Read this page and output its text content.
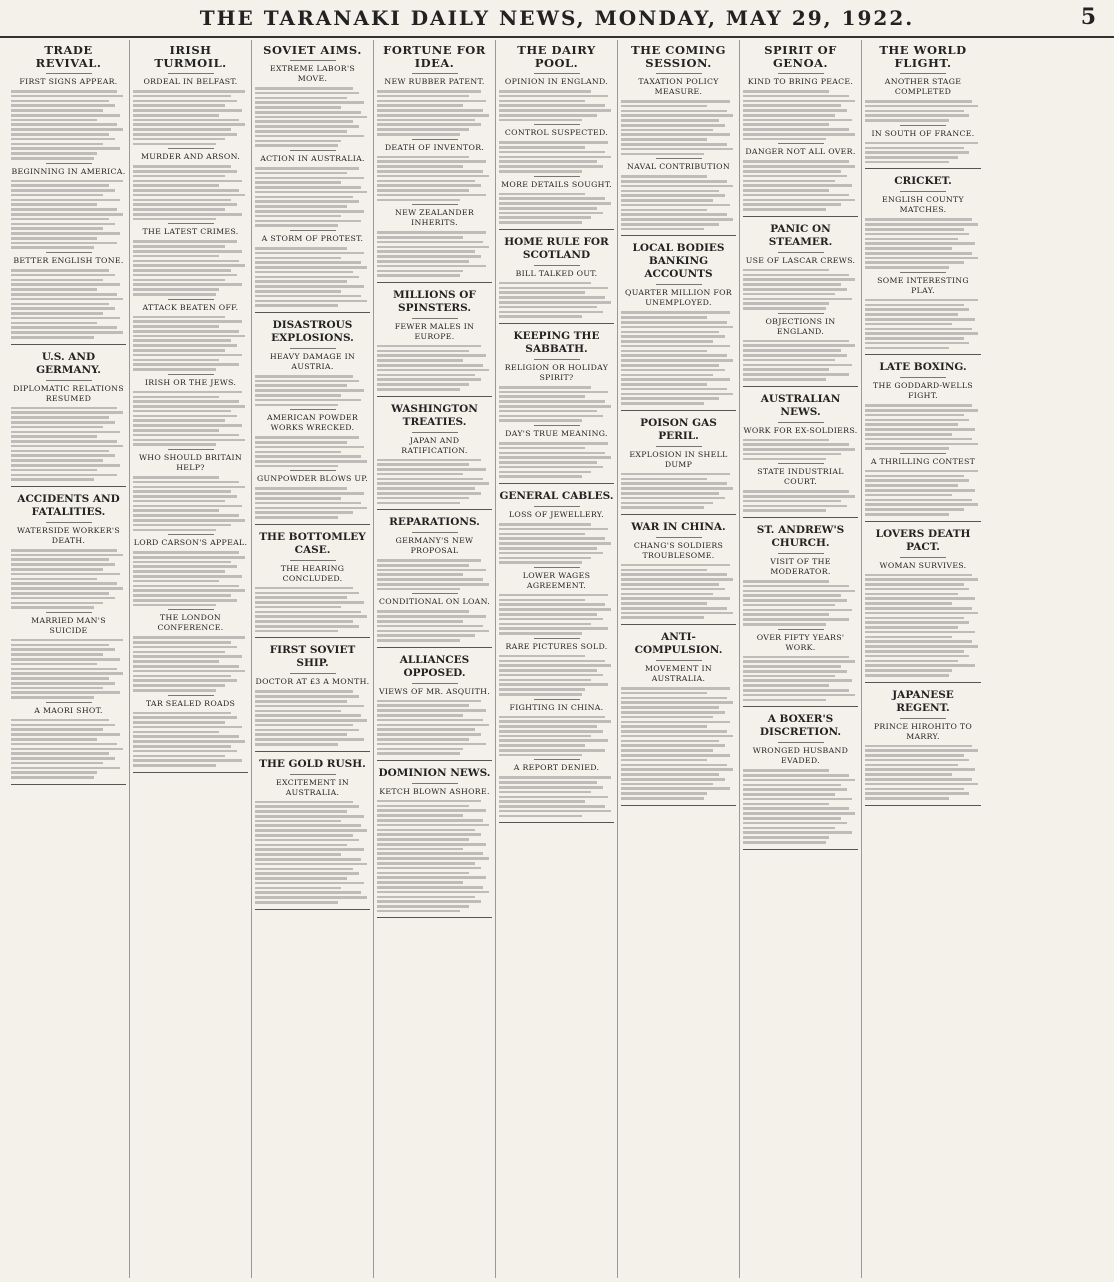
THE TARANAKI DAILY NEWS, MONDAY, MAY 29, 1922.	5
TRADE REVIVAL.
FIRST SIGNS APPEAR.
BEGINNING IN AMERICA.
BETTER ENGLISH TONE.
U.S. AND GERMANY.
DIPLOMATIC RELATIONS RESUMED
ACCIDENTS AND FATALITIES.
WATERSIDE WORKER'S DEATH.
MARRIED MAN'S SUICIDE
A MAORI SHOT.
IRISH TURMOIL.
ORDEAL IN BELFAST.
MURDER AND ARSON.
THE LATEST CRIMES.
ATTACK BEATEN OFF.
IRISH OR THE JEWS.
WHO SHOULD BRITAIN HELP?
LORD CARSON'S APPEAL.
THE LONDON CONFERENCE.
TAR SEALED ROADS
SOVIET AIMS.
EXTREME LABOR'S MOVE.
ACTION IN AUSTRALIA.
A STORM OF PROTEST.
DISASTROUS EXPLOSIONS.
HEAVY DAMAGE IN AUSTRIA.
AMERICAN POWDER WORKS WRECKED.
GUNPOWDER BLOWS UP.
THE BOTTOMLEY CASE.
THE HEARING CONCLUDED.
FIRST SOVIET SHIP.
DOCTOR AT £3 A MONTH.
THE GOLD RUSH.
EXCITEMENT IN AUSTRALIA.
FORTUNE FOR IDEA.
NEW RUBBER PATENT.
DEATH OF INVENTOR.
NEW ZEALANDER INHERITS.
MILLIONS OF SPINSTERS.
FEWER MALES IN EUROPE.
WASHINGTON TREATIES.
JAPAN AND RATIFICATION.
REPARATIONS.
GERMANY'S NEW PROPOSAL
CONDITIONAL ON LOAN.
ALLIANCES OPPOSED.
VIEWS OF MR. ASQUITH.
DOMINION NEWS.
KETCH BLOWN ASHORE.
THE DAIRY POOL.
OPINION IN ENGLAND.
CONTROL SUSPECTED.
MORE DETAILS SOUGHT.
HOME RULE FOR SCOTLAND
BILL TALKED OUT.
KEEPING THE SABBATH.
RELIGION OR HOLIDAY SPIRIT?
DAY'S TRUE MEANING.
GENERAL CABLES.
LOSS OF JEWELLERY.
LOWER WAGES AGREEMENT.
RARE PICTURES SOLD.
FIGHTING IN CHINA.
A REPORT DENIED.
THE COMING SESSION.
TAXATION POLICY MEASURE.
NAVAL CONTRIBUTION
LOCAL BODIES BANKING ACCOUNTS
QUARTER MILLION FOR UNEMPLOYED.
POISON GAS PERIL.
EXPLOSION IN SHELL DUMP
WAR IN CHINA.
CHANG'S SOLDIERS TROUBLESOME.
ANTI-COMPULSION.
MOVEMENT IN AUSTRALIA.
SPIRIT OF GENOA.
KIND TO BRING PEACE.
DANGER NOT ALL OVER.
PANIC ON STEAMER.
USE OF LASCAR CREWS.
OBJECTIONS IN ENGLAND.
AUSTRALIAN NEWS.
WORK FOR EX-SOLDIERS.
STATE INDUSTRIAL COURT.
ST. ANDREW'S CHURCH.
VISIT OF THE MODERATOR.
OVER FIFTY YEARS' WORK.
A BOXER'S DISCRETION.
WRONGED HUSBAND EVADED.
THE WORLD FLIGHT.
ANOTHER STAGE COMPLETED
IN SOUTH OF FRANCE.
CRICKET.
ENGLISH COUNTY MATCHES.
SOME INTERESTING PLAY.
LATE BOXING.
THE GODDARD-WELLS FIGHT.
A THRILLING CONTEST
LOVERS DEATH PACT.
WOMAN SURVIVES.
JAPANESE REGENT.
PRINCE HIROHITO TO MARRY.
